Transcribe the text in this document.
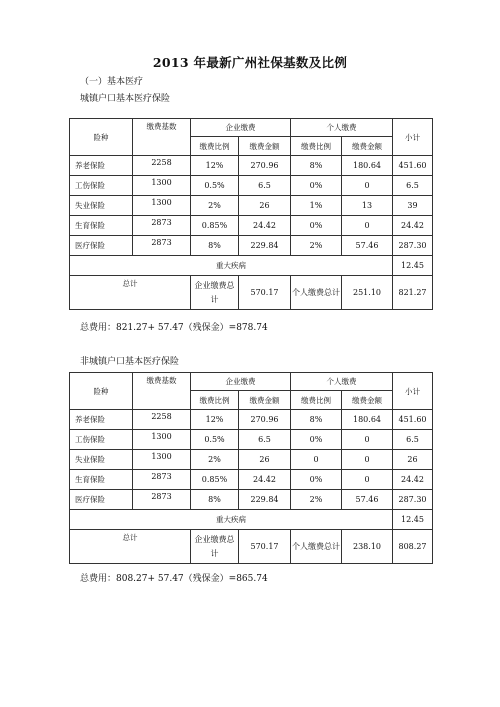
2013 年最新广州社保基数及比例
（一）基本医疗
城镇户口基本医疗保险
险种	缴费基数	企业缴费		个人缴费		小计
		缴费比例	缴费金额	缴费比例	缴费金额	
养老保险	2258	12%	270.96	8%	180.64	451.60
工伤保险	1300	0.5%	6.5	0%	0	6.5
失业保险	1300	2%	26	1%	13	39
生育保险	2873	0.85%	24.42	0%	0	24.42
医疗保险	2873	8%	229.84	2%	57.46	287.30
重大疾病						12.45
总计		企业缴费总计	570.17	个人缴费总计	251.10	821.27
总费用：821.27+ 57.47（残保金）=878.74
非城镇户口基本医疗保险
险种	缴费基数	企业缴费		个人缴费		小计
		缴费比例	缴费金额	缴费比例	缴费金额	
养老保险	2258	12%	270.96	8%	180.64	451.60
工伤保险	1300	0.5%	6.5	0%	0	6.5
失业保险	1300	2%	26	0	0	26
生育保险	2873	0.85%	24.42	0%	0	24.42
医疗保险	2873	8%	229.84	2%	57.46	287.30
重大疾病						12.45
总计		企业缴费总计	570.17	个人缴费总计	238.10	808.27
总费用：808.27+ 57.47（残保金）=865.74
